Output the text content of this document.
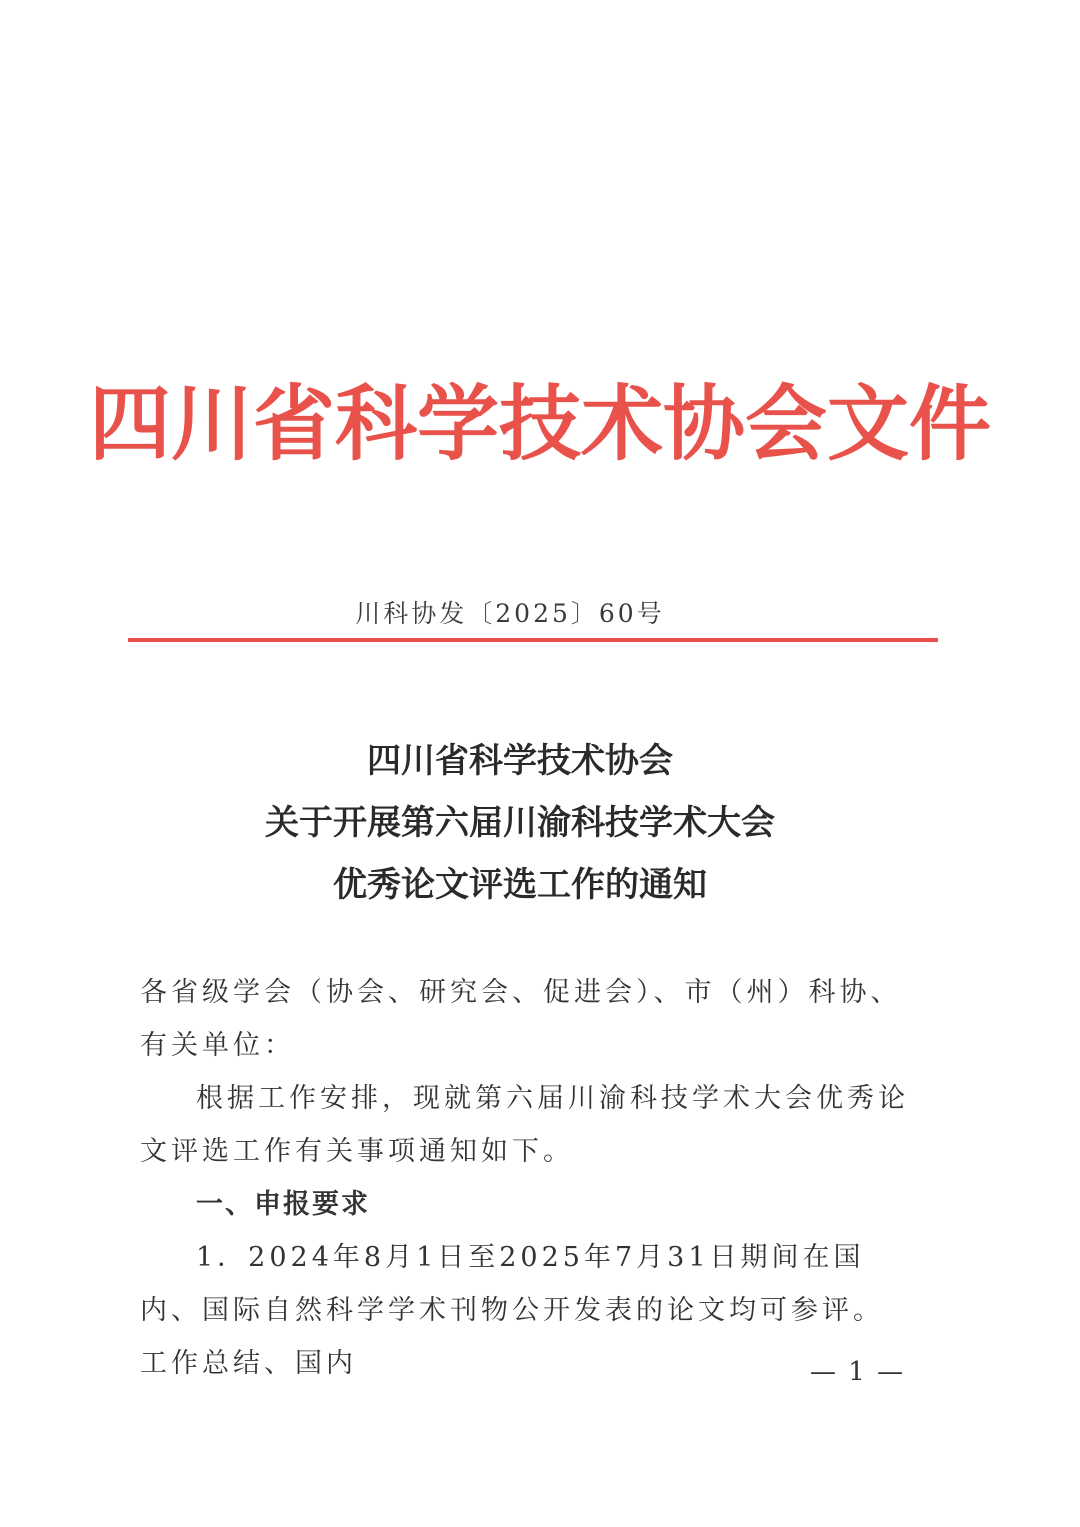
四川省科学技术协会文件
川科协发〔2025〕60号
四川省科学技术协会
关于开展第六届川渝科技学术大会
优秀论文评选工作的通知
各省级学会（协会、研究会、促进会）、市（州）科协、有关单位：
根据工作安排，现就第六届川渝科技学术大会优秀论文评选工作有关事项通知如下。
一、申报要求
1．2024年8月1日至2025年7月31日期间在国内、国际自然科学学术刊物公开发表的论文均可参评。工作总结、国内	— 1 —
